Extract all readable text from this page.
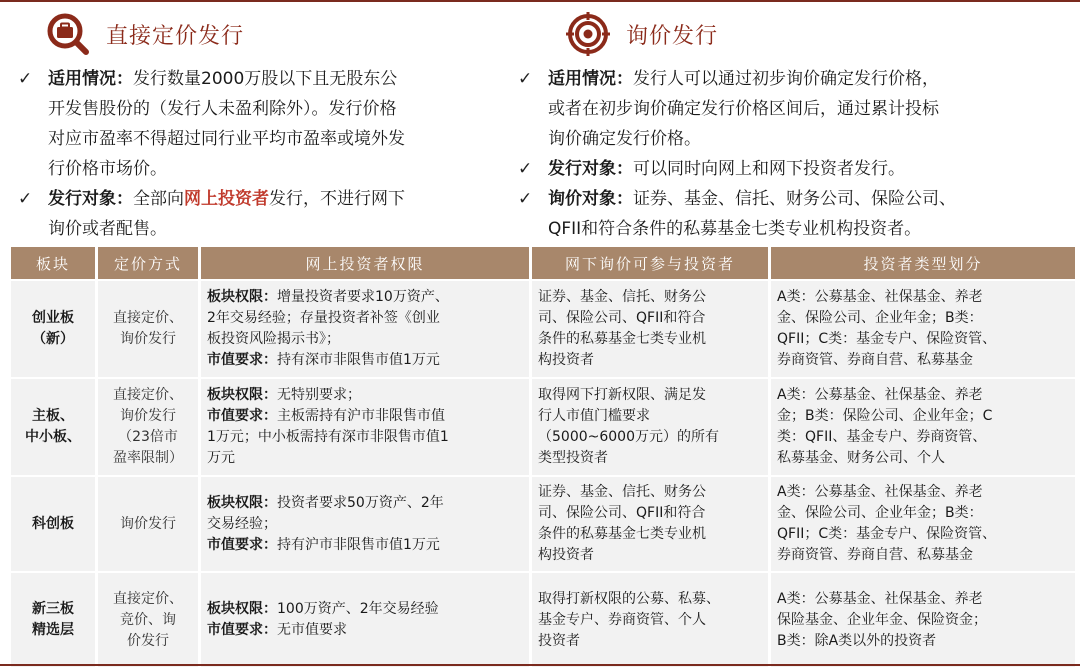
直接定价发行
✓ 适用情况：发行数量2000万股以下且无股东公
开发售股份的（发行人未盈利除外）。发行价格
对应市盈率不得超过同行业平均市盈率或境外发
行价格市场价。
✓ 发行对象：全部向网上投资者发行，不进行网下
询价或者配售。
询价发行
✓ 适用情况：发行人可以通过初步询价确定发行价格，
或者在初步询价确定发行价格区间后，通过累计投标
询价确定发行价格。
✓ 发行对象：可以同时向网上和网下投资者发行。
✓ 询价对象：证券、基金、信托、财务公司、保险公司、
QFII和符合条件的私募基金七类专业机构投资者。
板块	定价方式	网上投资者权限	网下询价可参与投资者	投资者类型划分
创业板
（新）	直接定价、
询价发行	板块权限：增量投资者要求10万资产、
2年交易经验；存量投资者补签《创业
板投资风险揭示书》；
市值要求：持有深市非限售市值1万元	证券、基金、信托、财务公
司、保险公司、QFII和符合
条件的私募基金七类专业机
构投资者	A类：公募基金、社保基金、养老
金、保险公司、企业年金；B类：
QFII；C类：基金专户、保险资管、
券商资管、券商自营、私募基金
主板、
中小板、	直接定价、
询价发行
（23倍市
盈率限制）	板块权限：无特别要求；
市值要求：主板需持有沪市非限售市值
1万元；中小板需持有深市非限售市值1
万元	取得网下打新权限、满足发
行人市值门槛要求
（5000~6000万元）的所有
类型投资者	A类：公募基金、社保基金、养老
金；B类：保险公司、企业年金；C
类：QFII、基金专户、券商资管、
私募基金、财务公司、个人
科创板	询价发行	板块权限：投资者要求50万资产、2年
交易经验；
市值要求：持有沪市非限售市值1万元	证券、基金、信托、财务公
司、保险公司、QFII和符合
条件的私募基金七类专业机
构投资者	A类：公募基金、社保基金、养老
金、保险公司、企业年金；B类：
QFII；C类：基金专户、保险资管、
券商资管、券商自营、私募基金
新三板
精选层	直接定价、
竞价、询
价发行	板块权限：100万资产、2年交易经验
市值要求：无市值要求	取得打新权限的公募、私募、
基金专户、券商资管、个人
投资者	A类：公募基金、社保基金、养老
保险基金、企业年金、保险资金；
B类：除A类以外的投资者
